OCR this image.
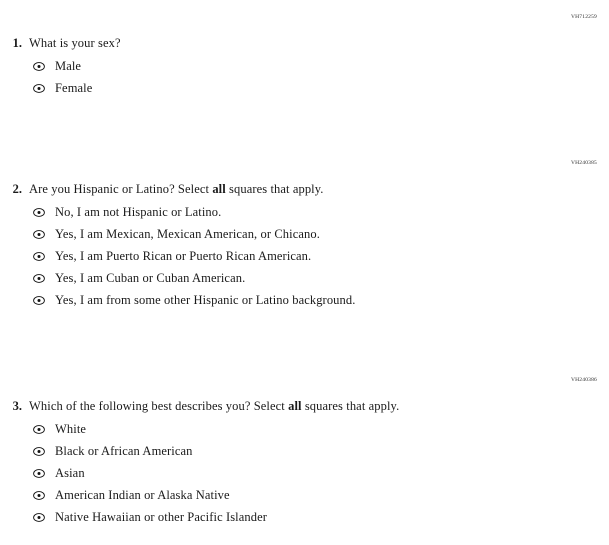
VH712259
1. What is your sex?
Male
Female
VH240385
2. Are you Hispanic or Latino? Select all squares that apply.
No, I am not Hispanic or Latino.
Yes, I am Mexican, Mexican American, or Chicano.
Yes, I am Puerto Rican or Puerto Rican American.
Yes, I am Cuban or Cuban American.
Yes, I am from some other Hispanic or Latino background.
VH240386
3. Which of the following best describes you? Select all squares that apply.
White
Black or African American
Asian
American Indian or Alaska Native
Native Hawaiian or other Pacific Islander
